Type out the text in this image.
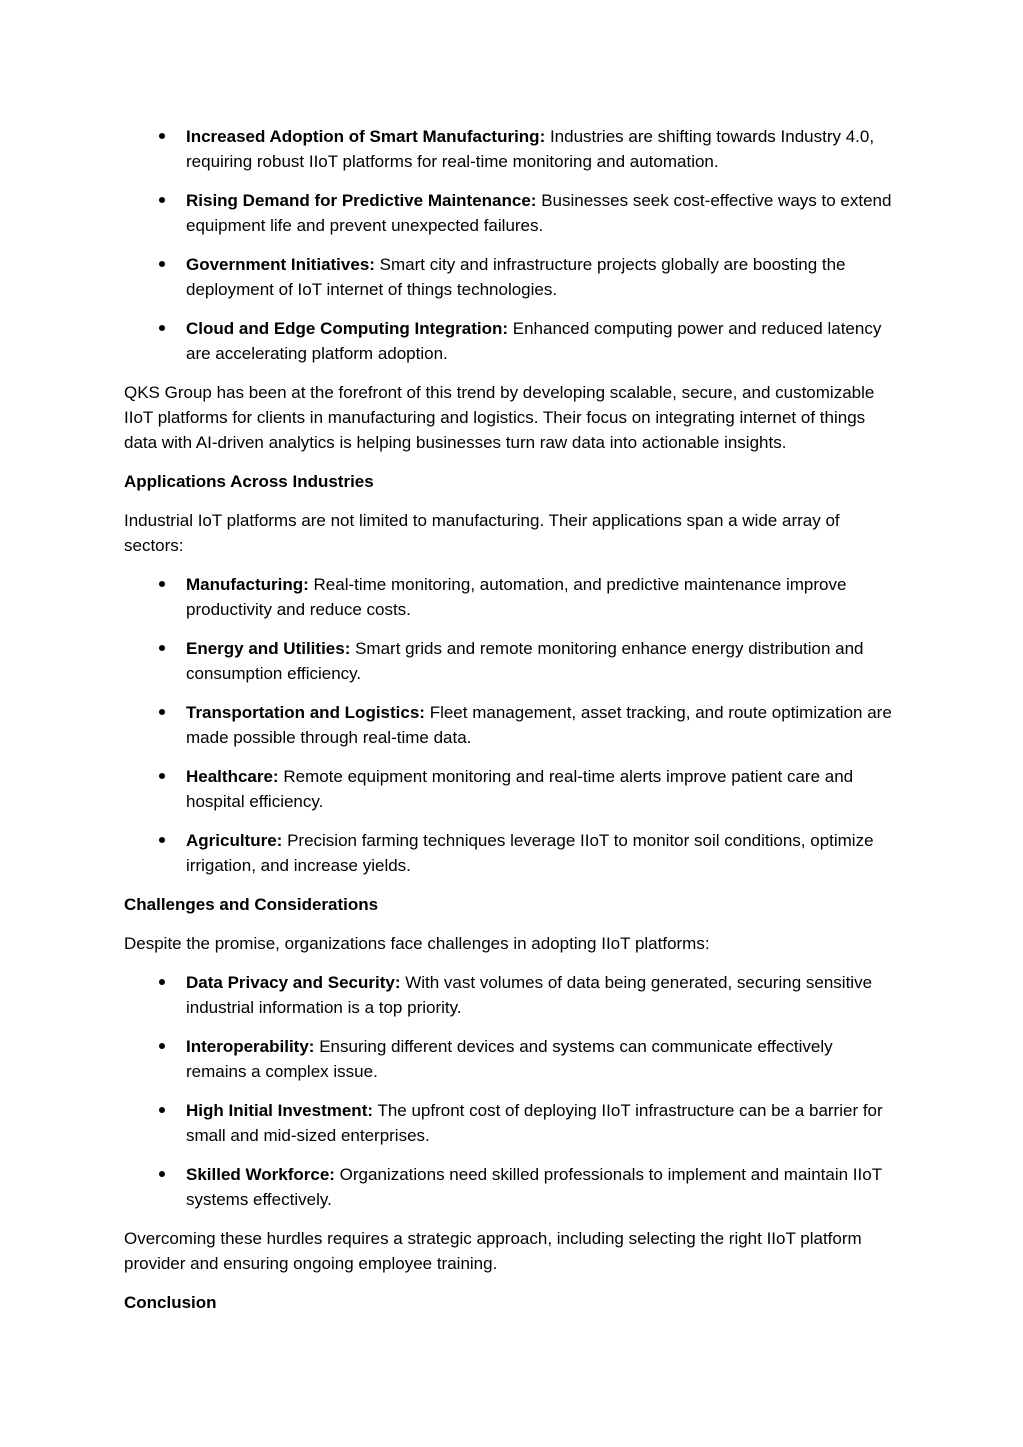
Increased Adoption of Smart Manufacturing: Industries are shifting towards Industry 4.0, requiring robust IIoT platforms for real-time monitoring and automation.
Rising Demand for Predictive Maintenance: Businesses seek cost-effective ways to extend equipment life and prevent unexpected failures.
Government Initiatives: Smart city and infrastructure projects globally are boosting the deployment of IoT internet of things technologies.
Cloud and Edge Computing Integration: Enhanced computing power and reduced latency are accelerating platform adoption.

QKS Group has been at the forefront of this trend by developing scalable, secure, and customizable IIoT platforms for clients in manufacturing and logistics. Their focus on integrating internet of things data with AI-driven analytics is helping businesses turn raw data into actionable insights.

Applications Across Industries

Industrial IoT platforms are not limited to manufacturing. Their applications span a wide array of sectors:

Manufacturing: Real-time monitoring, automation, and predictive maintenance improve productivity and reduce costs.
Energy and Utilities: Smart grids and remote monitoring enhance energy distribution and consumption efficiency.
Transportation and Logistics: Fleet management, asset tracking, and route optimization are made possible through real-time data.
Healthcare: Remote equipment monitoring and real-time alerts improve patient care and hospital efficiency.
Agriculture: Precision farming techniques leverage IIoT to monitor soil conditions, optimize irrigation, and increase yields.
Challenges and Considerations

Despite the promise, organizations face challenges in adopting IIoT platforms:

Data Privacy and Security: With vast volumes of data being generated, securing sensitive industrial information is a top priority.
Interoperability: Ensuring different devices and systems can communicate effectively remains a complex issue.
High Initial Investment: The upfront cost of deploying IIoT infrastructure can be a barrier for small and mid-sized enterprises.
Skilled Workforce: Organizations need skilled professionals to implement and maintain IIoT systems effectively.

Overcoming these hurdles requires a strategic approach, including selecting the right IIoT platform provider and ensuring ongoing employee training.

Conclusion
